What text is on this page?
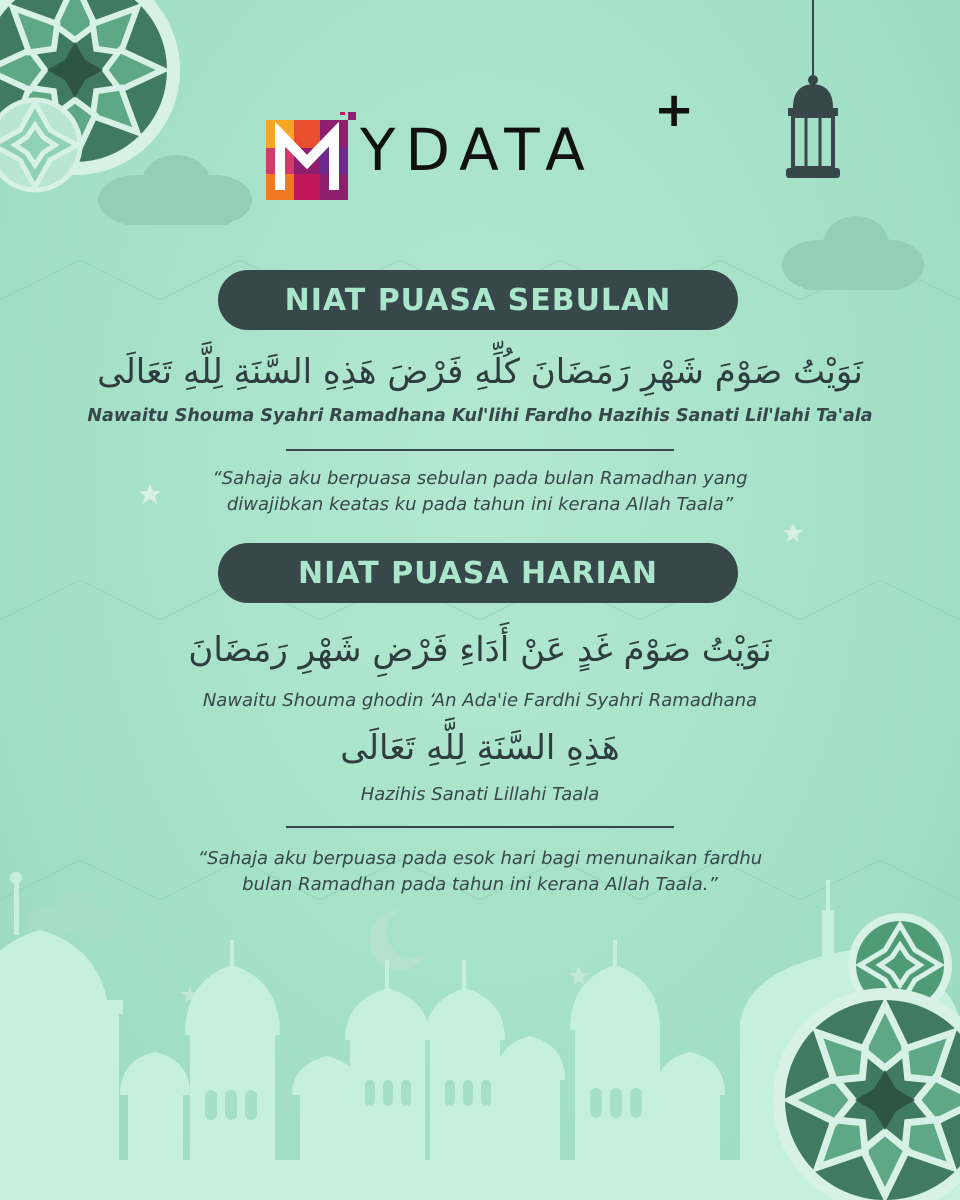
YDATA
+
NIAT PUASA SEBULAN
نَوَيْتُ صَوْمَ شَهْرِ رَمَضَانَ كُلِّهِ فَرْضَ هَذِهِ السَّنَةِ لِلَّهِ تَعَالَى
Nawaitu Shouma Syahri Ramadhana Kul'lihi Fardho Hazihis Sanati Lil'lahi Ta'ala
“Sahaja aku berpuasa sebulan pada bulan Ramadhan yang
diwajibkan keatas ku pada tahun ini kerana Allah Taala”
NIAT PUASA HARIAN
نَوَيْتُ صَوْمَ غَدٍ عَنْ أَدَاءِ فَرْضِ شَهْرِ رَمَضَانَ
Nawaitu Shouma ghodin ‘An Ada'ie Fardhi Syahri Ramadhana
هَذِهِ السَّنَةِ لِلَّهِ تَعَالَى
Hazihis Sanati Lillahi Taala
“Sahaja aku berpuasa pada esok hari bagi menunaikan fardhu
bulan Ramadhan pada tahun ini kerana Allah Taala.”
